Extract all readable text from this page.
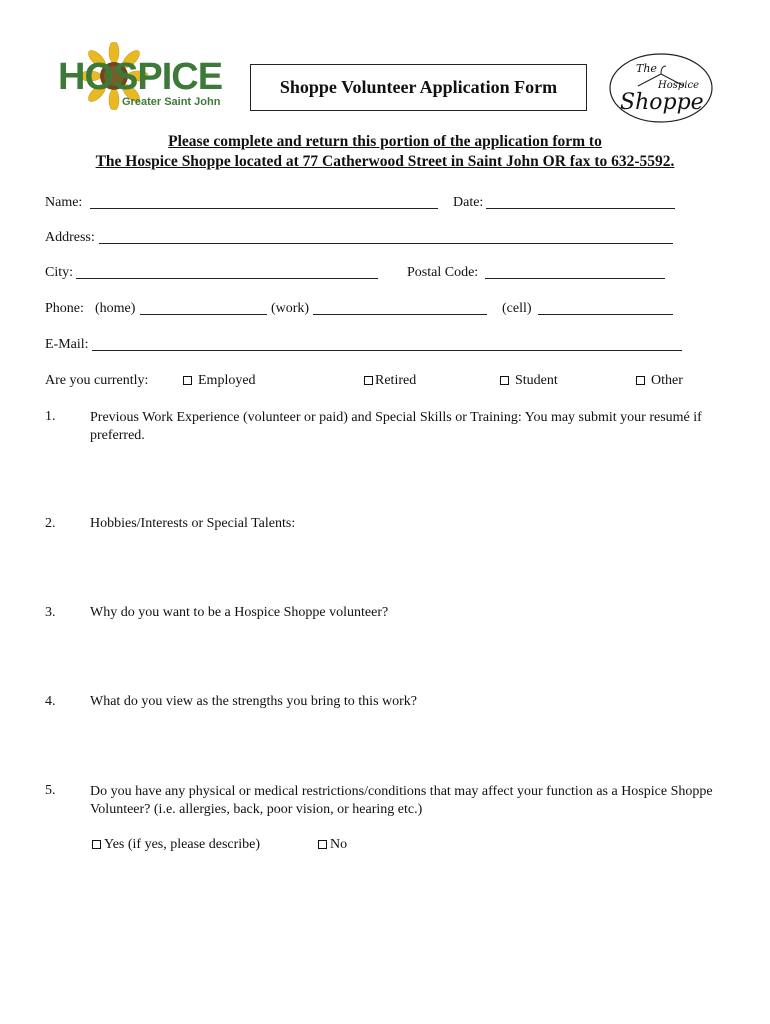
HOSPICE
Greater Saint John
Shoppe Volunteer Application Form
The
Hospice
Shoppe
Please complete and return this portion of the application form to
The Hospice Shoppe located at 77 Catherwood Street in Saint John OR fax to 632-5592.
Name:	Date:
Address:
City:	Postal Code:
Phone: (home)	(work)	(cell)
E-Mail:
Are you currently:	Employed	Retired	Student	Other
1. Previous Work Experience (volunteer or paid) and Special Skills or Training: You may submit your resumé if preferred.
2. Hobbies/Interests or Special Talents:
3. Why do you want to be a Hospice Shoppe volunteer?
4. What do you view as the strengths you bring to this work?
5. Do you have any physical or medical restrictions/conditions that may affect your function as a Hospice Shoppe Volunteer? (i.e. allergies, back, poor vision, or hearing etc.)
Yes (if yes, please describe)	No
